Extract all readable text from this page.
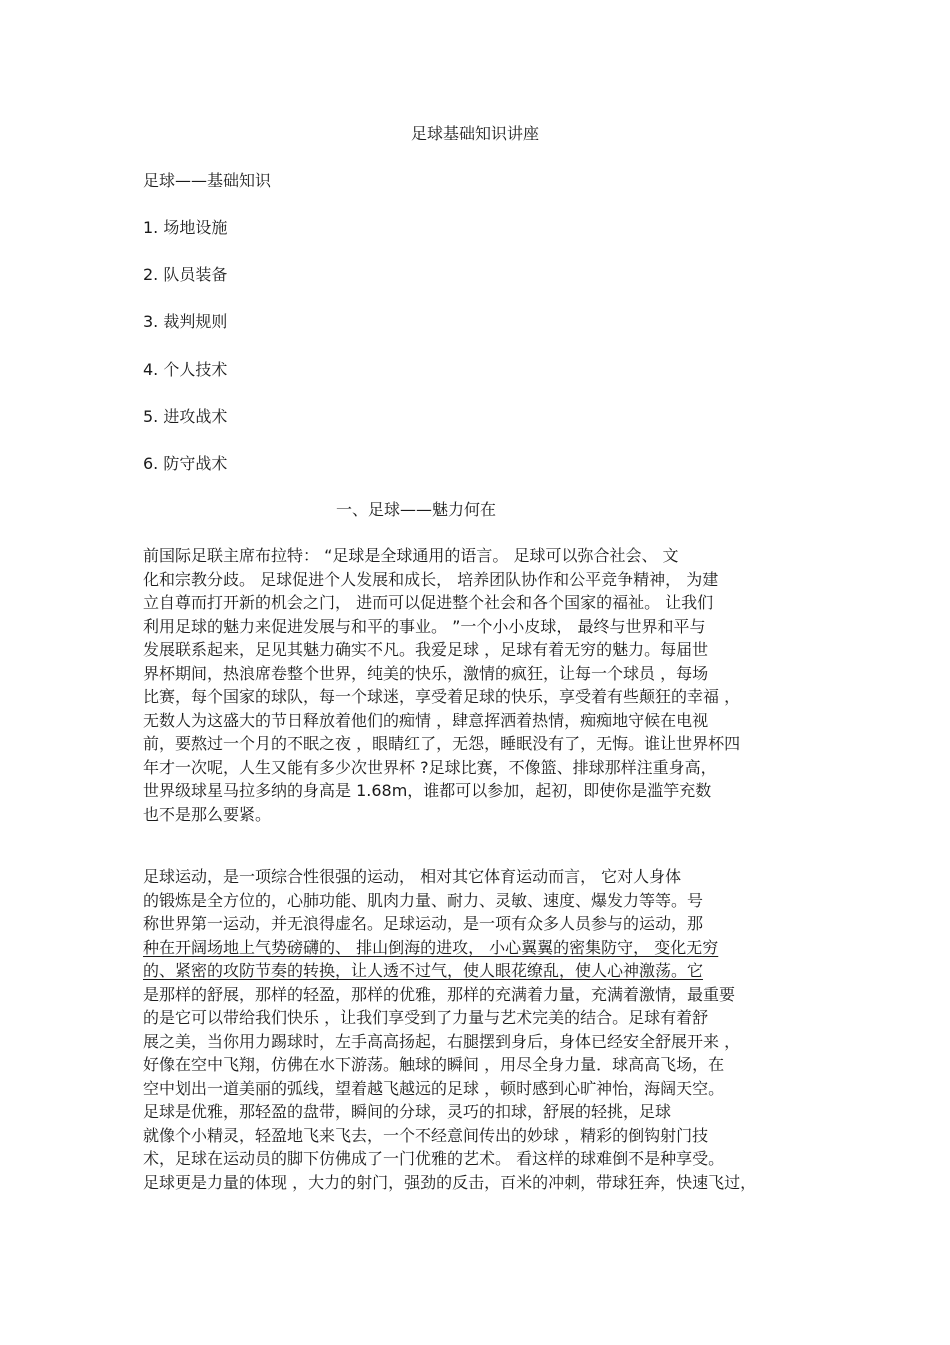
足球基础知识讲座
足球——基础知识
1. 场地设施
2. 队员装备
3. 裁判规则
4. 个人技术
5. 进攻战术
6. 防守战术
一、足球——魅力何在
前国际足联主席布拉特： “足球是全球通用的语言。 足球可以弥合社会、 文
化和宗教分歧。 足球促进个人发展和成长， 培养团队协作和公平竞争精神， 为建
立自尊而打开新的机会之门， 进而可以促进整个社会和各个国家的福祉。 让我们
利用足球的魅力来促进发展与和平的事业。 ”一个小小皮球， 最终与世界和平与
发展联系起来，足见其魅力确实不凡。我爱足球 ，足球有着无穷的魅力。每届世
界杯期间，热浪席卷整个世界，纯美的快乐，激情的疯狂，让每一个球员 ，每场
比赛，每个国家的球队，每一个球迷，享受着足球的快乐，享受着有些颠狂的幸福 ，
无数人为这盛大的节日释放着他们的痴情 ，肆意挥洒着热情，痴痴地守候在电视
前，要熬过一个月的不眠之夜 ，眼睛红了，无怨，睡眠没有了，无悔。谁让世界杯四
年才一次呢，人生又能有多少次世界杯 ?足球比赛，不像篮、排球那样注重身高，
世界级球星马拉多纳的身高是 1.68m，谁都可以参加，起初，即使你是滥竽充数
也不是那么要紧。
足球运动，是一项综合性很强的运动， 相对其它体育运动而言， 它对人身体
的锻炼是全方位的，心肺功能、肌肉力量、耐力、灵敏、速度、爆发力等等。号
称世界第一运动，并无浪得虚名。足球运动，是一项有众多人员参与的运动，那
种在开阔场地上气势磅礴的、 排山倒海的进攻， 小心翼翼的密集防守， 变化无穷
的、紧密的攻防节奏的转换，让人透不过气，使人眼花缭乱，使人心神激荡。它
是那样的舒展，那样的轻盈，那样的优雅，那样的充满着力量，充满着激情，最重要
的是它可以带给我们快乐 ，让我们享受到了力量与艺术完美的结合。足球有着舒
展之美，当你用力踢球时，左手高高扬起，右腿摆到身后，身体已经安全舒展开来 ，
好像在空中飞翔，仿佛在水下游荡。触球的瞬间 ，用尽全身力量．球高高飞场，在
空中划出一道美丽的弧线，望着越飞越远的足球 ，顿时感到心旷神怡，海阔天空。
足球是优雅，那轻盈的盘带，瞬间的分球，灵巧的扣球，舒展的轻挑，足球
就像个小精灵，轻盈地飞来飞去，一个不经意间传出的妙球 ，精彩的倒钩射门技
术，足球在运动员的脚下仿佛成了一门优雅的艺术。 看这样的球难倒不是种享受。
足球更是力量的体现 ，大力的射门，强劲的反击，百米的冲刺，带球狂奔，快速飞过，
